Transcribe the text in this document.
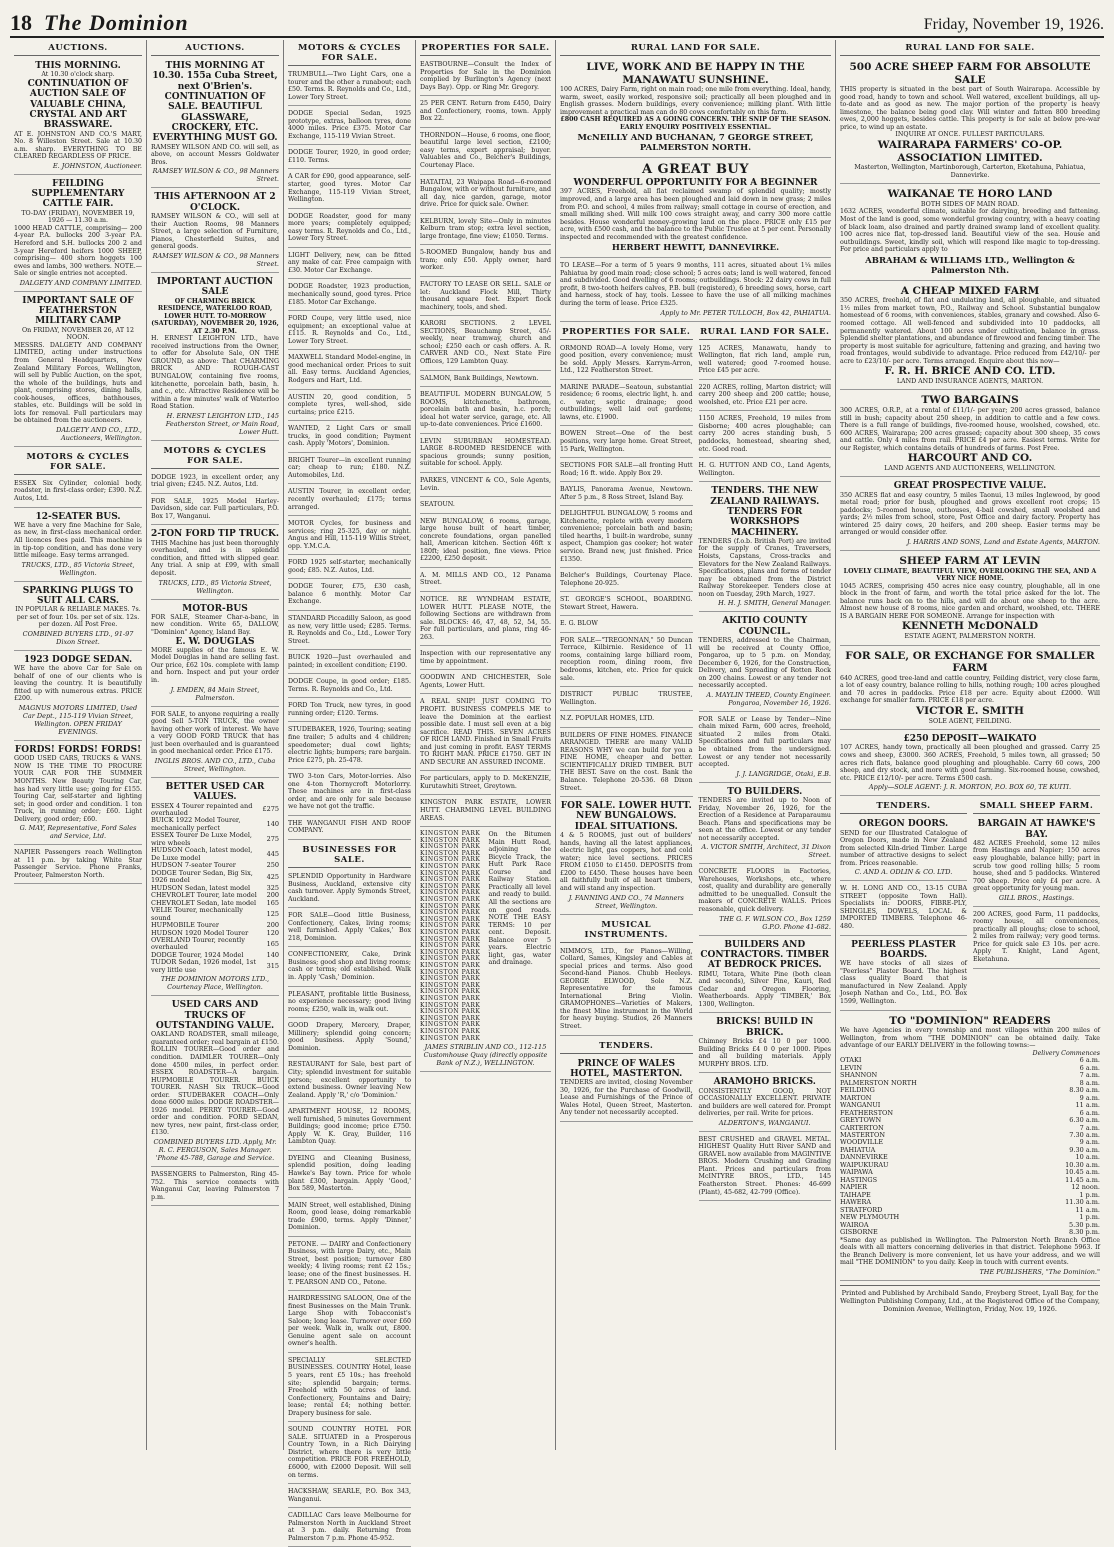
18 The Dominion	Friday, November 19, 1926.
AUCTIONS.
THIS MORNING.
At 10.30 o'clock sharp.
CONTINUATION OF AUCTION SALE OF VALUABLE CHINA, CRYSTAL AND ART BRASSWARE.
AT E. JOHNSTON AND CO.'S MART, No. 8 Willeston Street. Sale at 10.30 a.m. sharp. EVERYTHING TO BE CLEARED REGARDLESS OF PRICE.
E. JOHNSTON, Auctioneer.
FEILDING SUPPLEMENTARY CATTLE FAIR.
TO-DAY (FRIDAY), NOVEMBER 19, 1926 — 11.30 a.m.
1000 HEAD CATTLE, comprising— 200 4-year P.A. bullocks 200 3-year P.A. Hereford and S.H. bullocks 200 2 and 3-year Hereford heifers 1000 SHEEP, comprising— 400 shorn hoggets 100 ewes and lambs, 300 wethers. NOTE.—Sale or single entries not accepted.
DALGETY AND COMPANY LIMITED.
IMPORTANT SALE OF FEATHERSTON MILITARY CAMP
On FRIDAY, NOVEMBER 26, AT 12 NOON.
MESSRS. DALGETY AND COMPANY LIMITED, acting under instructions from General Headquarters, New Zealand Military Forces, Wellington, will sell by Public Auction, on the spot, the whole of the buildings, huts and plant, comprising stores, dining halls, cook-houses, offices, bathhouses, stables, etc. Buildings will be sold in lots for removal. Full particulars may be obtained from the auctioneers.
DALGETY AND CO., LTD., Auctioneers, Wellington.
MOTORS & CYCLES FOR SALE.
ESSEX Six Cylinder, colonial body, roadster, in first-class order; £390. N.Z. Autos, Ltd.
12-SEATER BUS.
WE have a very fine Machine for Sale, as new, in first-class mechanical order. All licences fees paid. This machine is in tip-top condition, and has done very little mileage. Easy terms arranged.
TRUCKS, LTD., 85 Victoria Street, Wellington.
SPARKING PLUGS TO SUIT ALL CARS.
IN POPULAR & RELIABLE MAKES. 7s. per set of four. 10s. per set of six. 12s. per dozen. All Post Free.
COMBINED BUYERS LTD., 91-97 Dixon Street.
1923 DODGE SEDAN.
WE have the above Car for Sale on behalf of one of our clients who is leaving the country. It is beautifully fitted up with numerous extras. PRICE £200.
MAGNUS MOTORS LIMITED, Used Car Dept., 115-119 Vivian Street, Wellington. OPEN FRIDAY EVENINGS.
FORDS! FORDS! FORDS!
GOOD USED CARS, TRUCKS & VANS. NOW IS THE TIME TO PROCURE YOUR CAR FOR THE SUMMER MONTHS. New Beauty Touring Car, has had very little use; going for £155. Touring Car, self-starter and lighting set; in good order and condition. 1 ton Truck, in running order; £60. Light Delivery, good order; £60.
G. MAY, Representative, Ford Sales and Service, Ltd.
NAPIER Passengers reach Wellington at 11 p.m. by taking White Star Passenger Service. Phone Franks, Prouteer, Palmerston North.
AUCTIONS.
THIS MORNING AT 10.30. 155a Cuba Street, next O'Brien's. CONTINUATION OF SALE. BEAUTIFUL GLASSWARE, CROCKERY, ETC. EVERYTHING MUST GO.
RAMSEY WILSON AND CO. will sell, as above, on account Messrs Goldwater Bros.
RAMSEY WILSON & CO., 98 Manners Street.
THIS AFTERNOON AT 2 O'CLOCK.
RAMSEY WILSON & CO., will sell at their Auction Rooms, 98 Manners Street, a large selection of Furniture, Pianos, Chesterfield Suites, and general goods.
RAMSEY WILSON & CO., 98 Manners Street.
IMPORTANT AUCTION SALE
OF CHARMING BRICK RESIDENCE, WATERLOO ROAD, LOWER HUTT. TO-MORROW (SATURDAY), NOVEMBER 20, 1926, AT 2.30 P.M.
H. ERNEST LEIGHTON LTD., have received instructions from the Owner, to offer for Absolute Sale, ON THE GROUND, as above: That CHARMING BRICK AND ROUGH-CAST BUNGALOW, containing five rooms, kitchenette, porcelain bath, basin, h. and c., etc. Attractive Residence will be within a few minutes' walk of Waterloo Road Station.
H. ERNEST LEIGHTON LTD., 145 Featherston Street, or Main Road, Lower Hutt.
MOTORS & CYCLES FOR SALE.
DODGE 1923, in excellent order, any trial given; £245. N.Z. Autos, Ltd.
FOR SALE, 1925 Model Harley-Davidson, side car. Full particulars, P.O. Box 17, Wanganui.
2-TON FORD TIP TRUCK.
THIS Machine has just been thoroughly overhauled, and is in splendid condition, and fitted with slipped gear. Any trial. A snip at £99, with small deposit.
TRUCKS, LTD., 85 Victoria Street, Wellington.
MOTOR-BUS
FOR SALE, Steamer Char-a-banc, in new condition. Write 65, DALLOW, "Dominion" Agency, Island Bay.
E. W. DOUGLAS
MORE supplies of the famous E. W. Model Douglas in hand are selling fast. Our price, £62 10s. complete with lamp and horn. Inspect and put your order in.
J. EMDEN, 84 Main Street, Palmerston.
FOR SALE, to anyone requiring a really good Sell 5-TON TRUCK, the owner having other work of interest. We have a very GOOD FORD TRUCK that has just been overhauled and is guaranteed in good mechanical order. Price £175.
INGLIS BROS. AND CO., LTD., Cuba Street, Wellington.
BETTER USED CAR VALUES.
ESSEX 4 Tourer repainted and overhauled	£275
BUICK 1922 Model Tourer, mechanically perfect	140
ESSEX Tourer De Luxe Model, wire wheels	275
HUDSON Coach, latest model, De Luxe model	445
HUDSON 7-seater Tourer	250
DODGE Tourer Sedan, Big Six, 1926 model	425
HUDSON Sedan, latest model	325
CHEVROLET Tourer, late model	200
CHEVROLET Sedan, late model	165
VELIE Tourer, mechanically sound	125
HUPMOBILE Tourer	200
HUDSON 1920 Model Tourer	120
OVERLAND Tourer, recently overhauled	165
DODGE Tourer, 1924 Model	140
TUDOR Sedan, 1926 model, 1st very little use	315
THE DOMINION MOTORS LTD., Courtenay Place, Wellington.
USED CARS AND TRUCKS OF OUTSTANDING VALUE.
OAKLAND ROADSTER, small mileage, guaranteed order; real bargain at £150. ROLLIN TOURER—Good order and condition. DAIMLER TOURER—Only done 4500 miles, in perfect order. ESSEX ROADSTER—A bargain. HUPMOBILE TOURER. BUICK TOURER. NASH Six TRUCK—Good order. STUDEBAKER COACH—Only done 6000 miles. DODGE ROADSTER—1926 model. PERRY TOURER—Good order and condition. FORD SEDAN, new tyres, new paint, first-class order, £130.
COMBINED BUYERS LTD. Apply, Mr. R. C. FERGUSON, Sales Manager. 'Phone 45-788, Garage and Service.
PASSENGERS to Palmerston, Ring 45-752. This service connects with Wanganui Car, leaving Palmerston 7 p.m.
MOTORS & CYCLES FOR SALE.
TRUMBULL—Two Light Cars, one a tourer and the other a runabout; each £50. Terms. R. Reynolds and Co., Ltd., Lower Tory Street.
DODGE Special Sedan, 1925 prototype, extras, balloon tyres, done 4000 miles. Price £375. Motor Car Exchange, 115-119 Vivian Street.
DODGE Tourer, 1920, in good order; £110. Terms.
A CAR for £90, good appearance, self-starter, good tyres. Motor Car Exchange, 115-119 Vivian Street, Wellington.
DODGE Roadster, good for many more years; completely equipped; easy terms. R. Reynolds and Co., Ltd., Lower Tory Street.
LIGHT Delivery, new, can be fitted any make of car. Free campaign with £30. Motor Car Exchange.
DODGE Roadster, 1923 production, mechanically sound, good tyres. Price £185. Motor Car Exchange.
FORD Coupe, very little used, nice equipment; an exceptional value at £115. R. Reynolds and Co., Ltd., Lower Tory Street.
MAXWELL Standard Model-engine, in good mechanical order. Prices to suit all. Easy terms. Auckland Agencies, Rodgers and Hart, Ltd.
AUSTIN 20, good condition, 5 complete tyres, well-shod, side curtains; price £215.
WANTED, 2 Light Cars or small trucks, in good condition; Payment cash. Apply 'Motors', Dominion.
BRIGHT Tourer—in excellent running car; cheap to run; £180. N.Z. Automobiles, Ltd.
AUSTIN Tourer, in excellent order, recently overhauled; £175; terms arranged.
MOTOR Cycles, for business and services; ring 25-325, day or night. Angus and Hill, 115-119 Willis Street, opp. Y.M.C.A.
FORD 1925 self-starter, mechanically good; £85. N.Z. Autos, Ltd.
DODGE Tourer, £75, £30 cash, balance 6 monthly. Motor Car Exchange.
STANDARD Piccadilly Saloon, as good as new, very little used; £285. Terms. R. Reynolds and Co., Ltd., Lower Tory Street.
BUICK 1920—Just overhauled and painted; in excellent condition; £190.
DODGE Coupe, in good order; £185. Terms. R. Reynolds and Co., Ltd.
FORD Ton Truck, new tyres, in good running order; £120. Terms.
STUDEBAKER, 1926, Touring; seating fine trailer; 5 adults and 4 children; speedometer; dual cowl lights; electric lights; bumpers; rare bargain. Price £275, ph. 25-478.
TWO 3-ton Cars, Motor-lorries. Also one 4-ton Thornycroft Motorlorry. These machines are in first-class order, and are only for sale because we have not got the traffic.
THE WANGANUI FISH AND ROOF COMPANY.
BUSINESSES FOR SALE.
SPLENDID Opportunity in Hardware Business, Auckland, extensive city cash turnover. Apply Symonds Street, Auckland.
FOR SALE—Good little Business, Confectionery, Cakes, living rooms; well furnished. Apply 'Cakes,' Box 218, Dominion.
CONFECTIONERY, Cake, Drink Business; good shop and living rooms; cash or terms; old established. Walk in. Apply 'Cash,' Dominion.
PLEASANT, profitable little Business, no experience necessary; good living rooms; £250, walk in, walk out.
GOOD Drapery, Mercery, Draper, Millinery; splendid going concern; good business. Apply 'Sound,' Dominion.
RESTAURANT for Sale, best part of City; splendid investment for suitable person; excellent opportunity to extend business. Owner leaving New Zealand. Apply 'R,' c/o 'Dominion.'
APARTMENT HOUSE, 12 ROOMS, well furnished, 5 minutes Government Buildings; good income; price £750. Apply W. K. Gray, Builder, 116 Lambton Quay.
DYEING and Cleaning Business, splendid position, doing leading Hawke's Bay town. Price for whole plant £300, bargain. Apply 'Good,' Box 589, Masterton.
MAIN Street, well established, Dining Room, good lease, doing remarkable trade £900, terms. Apply 'Dinner,' Dominion.
PETONE. — DAIRY and Confectionery Business, with large Dairy, etc., Main Street, best position; turnover £80 weekly; 4 living rooms; rent £2 15s.; lease; one of the finest businesses. H. T. PEARSON AND CO., Petone.
HAIRDRESSING SALOON, One of the finest Businesses on the Main Trunk. Large Shop with Tobacconist's Saloon; long lease. Turnover over £60 per week. Walk in, walk out, £800. Genuine agent sale on account owner's health.
SPECIALLY SELECTED BUSINESSES. COUNTRY Hotel, lease 5 years, rent £5 10s.; has freehold site; splendid bargain; terms. Freehold with 50 acres of land. Confectionery, Fountains and Dairy; lease; rental £4; nothing better. Drapery business for sale.
SOUND COUNTRY HOTEL FOR SALE. SITUATED in a Prosperous Country Town, in a Rich Dairying District, where there is very little competition. PRICE FOR FREEHOLD, £6000, with £2000 Deposit. Will sell on terms.
HACKSHAW, SEARLE, P.O. Box 343, Wanganui.
CADILLAC Cars leave Melbourne for Palmerston North in Auckland Street at 3 p.m. daily. Returning from Palmerston 7 p.m. Phone 45-952.
PROPERTIES FOR SALE.
EASTBOURNE—Consult the Index of Properties for Sale in the Dominion complied by Burlington's Agency (next Days Bay). Opp. or Ring Mr. Gregory.
25 PER CENT. Return from £450, Dairy and Confectionery, rooms, town. Apply Box 22.
THORNDON—House, 6 rooms, one floor, beautiful large level section, £2100; easy terms, expert appraisal; buyer. Valuables and Co., Belcher's Buildings, Courtenay Place.
HATAITAI, 23 Waipapa Road—6-roomed Bungalow, with or without furniture, and all day, nice garden, garage, motor drive. Price for quick sale. Owner.
KELBURN, lovely Site—Only in minutes Kelburn tram stop; extra level section, large frontage, fine view; £1050. Terms.
5-ROOMED Bungalow, handy bus and tram; only £50. Apply owner, hard worker.
FACTORY TO LEASE OR SELL. SALE or let: Auckland Flock Mill, Thirty thousand square feet. Expert flock machinery, tools, and shed.
KARORI SECTIONS. 2 LEVEL SECTIONS, Beauchamp Street, 45/- weekly, near tramway, church and school; £250 each or cash offers. A. R. CARVER AND CO., Next State Fire Offices, 129 Lambton Quay.
SALMON, Bank Buildings, Newtown.
BEAUTIFUL MODERN BUNGALOW, 5 ROOMS, kitchenette, bathroom, porcelain bath and basin, h.c. porch; ideal hot water service, garage, etc. All up-to-date conveniences. Price £1600.
LEVIN SUBURBAN HOMESTEAD. LARGE 8-ROOMED RESIDENCE with spacious grounds; sunny position, suitable for school. Apply.
PARKES, VINCENT & CO., Sole Agents, Levin.
SEATOUN.
NEW BUNGALOW, 6 rooms, garage, large house built of heart timber, concrete foundations, organ panelled hall, American kitchen. Section 46ft x 180ft; ideal position, fine views. Price £2200, £250 deposit.
A. M. MILLS AND CO., 12 Panama Street.
NOTICE. RE WYNDHAM ESTATE, LOWER HUTT. PLEASE NOTE, the following Sections are withdrawn from sale. BLOCKS: 46, 47, 48, 52, 54, 55. For full particulars, and plans, ring 46-263.
Inspection with our representative any time by appointment.
GOODWIN AND CHICHESTER, Sole Agents, Lower Hutt.
A REAL SNIP! JUST COMING TO PROFIT. BUSINESS COMPELS ME to leave the Dominion at the earliest possible date. I must sell even at a big sacrifice. READ THIS. SEVEN ACRES OF RICH LAND. Finished in Small Fruits and just coming in profit. EASY TERMS TO RIGHT MAN. PRICE £1750. GET IN AND SECURE AN ASSURED INCOME.
For particulars, apply to D. McKENZIE, Kurutawhiti Street, Greytown.
KINGSTON PARK ESTATE, LOWER HUTT. CHARMING LEVEL BUILDING AREAS.
KINGSTON PARK
KINGSTON PARK
KINGSTON PARK
KINGSTON PARK
KINGSTON PARK
KINGSTON PARK
KINGSTON PARK
KINGSTON PARK
KINGSTON PARK
KINGSTON PARK
KINGSTON PARK
KINGSTON PARK
KINGSTON PARK
KINGSTON PARK
KINGSTON PARK
KINGSTON PARK
KINGSTON PARK
KINGSTON PARK
KINGSTON PARK
KINGSTON PARK
KINGSTON PARK
KINGSTON PARK
KINGSTON PARK
KINGSTON PARK
KINGSTON PARK
KINGSTON PARK
KINGSTON PARK
KINGSTON PARK
KINGSTON PARK
KINGSTON PARK
KINGSTON PARK
KINGSTON PARK
On the Bitumen Main Hutt Road, adjoining the Bicycle Track, the Hutt Park Race Course and Railway Station. Practically all level and ready to build. All the sections are on good roads. NOTE THE EASY TERMS: 10 per cent. Deposit. Balance over 5 years. Electric light, gas, water and drainage.
JAMES STRIBLIN AND CO., 112-115 Customhouse Quay (directly opposite Bank of N.Z.), WELLINGTON.
RURAL LAND FOR SALE.
LIVE, WORK AND BE HAPPY IN THE MANAWATU SUNSHINE.
100 ACRES, Dairy Farm, right on main road; one mile from everything. Ideal, handy, warm, sweet, easily worked, responsive soil; practically all been ploughed and in English grasses. Modern buildings, every convenience; milking plant. With little improvement a practical man can do 80 cows comfortably on this farm.
£800 CASH REQUIRED AS A GOING CONCERN. THE SNIP OF THE SEASON. EARLY ENQUIRY POSITIVELY ESSENTIAL.
McNEILLY AND BUCHANAN, 7 GEORGE STREET, PALMERSTON NORTH.
A GREAT BUY
WONDERFUL OPPORTUNITY FOR A BEGINNER
397 ACRES, Freehold, all flat reclaimed swamp of splendid quality; mostly improved, and a large area has been ploughed and laid down in new grass; 2 miles from P.O. and school, 4 miles from railway; small cottage in course of erection, and small milking shed. Will milk 100 cows straight away, and carry 300 more cattle besides. House wonderful money-growing land on the place. PRICE only £15 per acre, with £500 cash, and the balance to the Public Trustee at 5 per cent. Personally inspected and recommended with the greatest confidence.
HERBERT HEWITT, DANNEVIRKE.
TO LEASE—For a term of 5 years 9 months, 111 acres, situated about 1¼ miles Pahiatua by good main road; close school; 5 acres oats; land is well watered, fenced and subdivided. Good dwelling of 6 rooms; outbuildings. Stock: 22 dairy cows in full profit, 8 two-tooth heifers calves, P.B. bull (registered), 6 breeding sows, horse, cart and harness, stock of hay, tools. Lessee to have the use of all milking machines during the term of lease. Price £325.
Apply to Mr. PETER TULLOCH, Box 42, PAHIATUA.
PROPERTIES FOR SALE.
ORMOND ROAD—A lovely Home, very good position, every convenience; must be sold. Apply Messrs. Karrym-Arron, Ltd., 122 Featherston Street.
MARINE PARADE—Seatoun, substantial residence; 6 rooms, electric light, h. and c. water, septic drainage; good outbuildings; well laid out gardens; lawns, etc. £1900.
BOWEN Street—One of the best positions, very large home. Great Street, 15 Park, Wellington.
SECTIONS FOR SALE—all fronting Hutt Road; 16 ft. wide. Apply Box 29.
BAYLIS, Panorama Avenue, Newtown. After 5 p.m., 8 Ross Street, Island Bay.
DELIGHTFUL BUNGALOW, 5 rooms and Kitchenette, replete with every modern convenience; porcelain bath and basin; tiled hearths, 1 built-in wardrobe, sunny aspect, Champion gas cooker; hot water service. Brand new, just finished. Price £1350.
Belcher's Buildings, Courtenay Place. Telephone 20-925.
ST. GEORGE'S SCHOOL, BOARDING. Stewart Street, Hawera.
E. G. BLOW
FOR SALE—"TREGONNAN," 50 Duncan Terrace, Kilbirnie. Residence of 11 rooms, containing large billiard room, reception room, dining room, five bedrooms, kitchen, etc. Price for quick sale.
DISTRICT PUBLIC TRUSTEE, Wellington.
N.Z. POPULAR HOMES, LTD.
BUILDERS OF FINE HOMES. FINANCE ARRANGED. THERE are many VALID REASONS WHY we can build for you a FINE HOME, cheaper and better. SCIENTIFICALLY DRIED TIMBER. BUT THE BEST. Save on the cost. Bank the Balance. Telephone 20-536. 68 Dixon Street.
FOR SALE. LOWER HUTT. NEW BUNGALOWS. IDEAL SITUATIONS.
4 & 5 ROOMS, just out of builders' hands, having all the latest appliances, electric light, gas coppers, hot and cold water; nice level sections. PRICES FROM £1050 to £1450. DEPOSITS from £200 to £450. These houses have been all faithfully built of all heart timbers, and will stand any inspection.
J. FANNING AND CO., 74 Manners Street, Wellington.
MUSICAL INSTRUMENTS.
NIMMO'S, LTD., for Pianos—Willing, Collard, Sames, Kingsley and Cables at special prices and terms. Also good Second-hand Pianos. Chubb Heeleys. GEORGE ELWOOD, Sole N.Z. Representative for the famous International Bring Violin. GRAMOPHONES—Varieties of Makers, the finest Mine instrument in the World for heavy buying. Studios, 26 Manners Street.
TENDERS.
PRINCE OF WALES HOTEL, MASTERTON.
TENDERS are invited, closing November 30, 1926, for the Purchase of Goodwill, Lease and Furnishings of the Prince of Wales Hotel, Queen Street, Masterton. Any tender not necessarily accepted.
RURAL LAND FOR SALE.
125 ACRES, Manawatu, handy to Wellington, flat rich land, ample run, well watered; good 7-roomed house. Price £45 per acre.
220 ACRES, rolling, Marton district; will carry 200 sheep and 200 cattle; house, woolshed, etc. Price £21 per acre.
1150 ACRES, Freehold, 19 miles from Gisborne; 400 acres ploughable; can carry 200 acres standing bush, 5 paddocks, homestead, shearing shed, etc. Good road.
H. G. HUTTON AND CO., Land Agents, Wellington.
TENDERS. THE NEW ZEALAND RAILWAYS. TENDERS FOR WORKSHOPS MACHINERY.
TENDERS (f.o.b. British Port) are invited for the supply of Cranes, Traversers, Hoists, Capstans, Cross-tracks and Elevators for the New Zealand Railways. Specifications, plans and forms of tender may be obtained from the District Railway Storekeeper. Tenders close at noon on Tuesday, 29th March, 1927.
H. H. J. SMITH, General Manager.
AKITIO COUNTY COUNCIL.
TENDERS, addressed to the Chairman, will be received at County Office, Pongaroa, up to 5 p.m. on Monday, December 6, 1926, for the Construction, Delivery, and Spreading of Rotten Rock on 200 chains. Lowest or any tender not necessarily accepted.
A. MAYLIN THEED, County Engineer. Pongaroa, November 16, 1926.
FOR SALE or Lease by Tender—Nine chain mixed Farm, 600 acres, freehold, situated 2 miles from Otaki. Specifications and full particulars may be obtained from the undersigned. Lowest or any tender not necessarily accepted.
J. J. LANGRIDGE, Otaki, E.B.
TO BUILDERS.
TENDERS are invited up to Noon of Friday, November 26, 1926, for the Erection of a Residence at Paraparaumu Beach. Plans and specifications may be seen at the office. Lowest or any tender not necessarily accepted.
A. VICTOR SMITH, Architect, 31 Dixon Street.
CONCRETE FLOORS in Factories, Warehouses, Workshops, etc., where cost, quality and durability are generally admitted to be unequalled. Consult the makers of CONCRETE WALLS. Prices reasonable, quick delivery.
THE G. F. WILSON CO., Box 1259 G.P.O. Phone 41-682.
BUILDERS AND CONTRACTORS. TIMBER AT BEDROCK PRICES.
RIMU, Totara, White Pine (both clean and seconds), Silver Pine, Kauri, Red Cedar and Oregon Flooring, Weatherboards. Apply 'TIMBER,' Box 1300, Wellington.
BRICKS! BUILD IN BRICK.
Chimney Bricks £4 10 0 per 1000. Building Bricks £4 0 0 per 1000. Pipes and all building materials. Apply MURPHY BROS. LTD.
ARAMOHO BRICKS.
CONSISTENTLY GOOD, NOT OCCASIONALLY EXCELLENT. PRIVATE and builders are well catered for. Prompt deliveries, per rail. Write for prices.
ALDERTON'S, WANGANUI.
BEST CRUSHED and GRAVEL METAL. HIGHEST Quality Hutt River SAND and GRAVEL now available from MAGINTIVE BROS. Modern Crushing and Grading Plant. Prices and particulars from McINTYRE BROS., LTD., 145 Featherston Street. Phones: 46-699 (Plant), 45-682, 42-799 (Office).
RURAL LAND FOR SALE.
500 ACRE SHEEP FARM FOR ABSOLUTE SALE
THIS property is situated in the best part of South Wairarapa. Accessible by good road, handy to town and school. Well watered, excellent buildings, all up-to-date and as good as new. The major portion of the property is heavy limestone, the balance being good clay. Will winter and fatten 800 breeding ewes, 2,000 hoggets, besides cattle. This property is for sale at below pre-war price, to wind up an estate.
INQUIRE AT ONCE. FULLEST PARTICULARS.
WAIRARAPA FARMERS' CO-OP. ASSOCIATION LIMITED.
Masterton, Wellington, Martinborough, Carterton, Eketahuna, Pahiatua, Dannevirke.
WAIKANAE TE HORO LAND
BOTH SIDES OF MAIN ROAD.
1632 ACRES, wonderful climate, suitable for dairying, breeding and fattening. Most of the land is good, some wonderful growing country, with a heavy coating of black loam, also drained and partly drained swamp land of excellent quality. 100 acres nice flat, top-dressed land. Beautiful view of the sea. House and outbuildings. Sweet, kindly soil, which will respond like magic to top-dressing. For price and particulars apply to
ABRAHAM & WILLIAMS LTD., Wellington & Palmerston Nth.
A CHEAP MIXED FARM
350 ACRES, freehold, of flat and undulating land, all ploughable, and situated 1½ miles from market town, P.O., Railway and School. Substantial bungalow homestead of 6 rooms, with conveniences, stables, granary and cowshed. Also 6-roomed cottage. All well-fenced and subdivided into 10 paddocks, all permanently watered. About 100 acres under cultivation, balance in grass. Splendid shelter plantations, and abundance of firewood and fencing timber. The property is most suitable for agriculture, fattening and grazing, and having two road frontages, would subdivide to advantage. Price reduced from £42/10/- per acre to £23/10/- per acre. Terms arranged. Enquire about this now—
F. R. H. BRICE AND CO. LTD.
LAND AND INSURANCE AGENTS, MARTON.
TWO BARGAINS
300 ACRES, O.R.P., at a rental of £11/1/- per year; 200 acres grassed, balance still in bush; capacity about 250 sheep, in addition to cattle and a few cows. There is a full range of buildings, five-roomed house, woolshed, cowshed, etc. 600 ACRES, Wairarapa; 200 acres grassed; capacity about 300 sheep, 35 cows and cattle. Only 4 miles from rail. PRICE £4 per acre. Easiest terms. Write for our Register, which contains details of hundreds of farms. Post Free.
HARCOURT AND CO.
LAND AGENTS AND AUCTIONEERS, WELLINGTON.
GREAT PROSPECTIVE VALUE.
350 ACRES flat and easy country, 5 miles Taonui, 13 miles Inglewood, by good metal road; prior for bush, ploughed and grows excellent root crops; 15 paddocks; 5-roomed house, outhouses, 4-bail cowshed, small woolshed and yards; 2½ miles from school, store, Post Office and dairy factory. Property has wintered 25 dairy cows, 20 heifers, and 200 sheep. Easier terms may be arranged or would consider offer.
J. HARRIS AND SONS, Land and Estate Agents, MARTON.
SHEEP FARM AT LEVIN
LOVELY CLIMATE, BEAUTIFUL VIEW, OVERLOOKING THE SEA, AND A VERY NICE HOME.
1045 ACRES, comprising 450 acres nice easy country, ploughable, all in one block in the front of farm, and worth the total price asked for the lot. The balance runs back on to the hills, and will do about one sheep to the acre. Almost new house of 8 rooms, nice garden and orchard, woolshed, etc. THERE IS A BARGAIN HERE FOR SOMEONE. Arrange for inspection with
KENNETH McDONALD
ESTATE AGENT, PALMERSTON NORTH.
FOR SALE, OR EXCHANGE FOR SMALLER FARM
640 ACRES, good tree-land and cattle country, Feilding district, very close farm, a lot of easy country, balance rolling to hills, nothing rough; 100 acres ploughed and 70 acres in paddocks. Price £18 per acre. Equity about £2000. Will exchange for smaller farm. PRICE £18 per acre.
VICTOR E. SMITH
SOLE AGENT, FEILDING.
£250 DEPOSIT—WAIKATO
107 ACRES, handy town, practically all been ploughed and grassed. Carry 25 cows and sheep, £3000. 360 ACRES, Freehold, 5 miles town, all grassed; 50 acres rich flats, balance good ploughing and ploughable. Carry 60 cows, 200 sheep, and dry stock, and more with good farming. Six-roomed house, cowshed, etc. PRICE £12/10/- per acre. Terms £500 cash.
Apply—SOLE AGENT: J. R. MORTON, P.O. BOX 60, TE KUITI.
TENDERS.
OREGON DOORS.
SEND for our Illustrated Catalogue of Oregon Doors, made in New Zealand from selected Kiln-dried Timber. Large number of attractive designs to select from. Prices reasonable.
C. AND A. ODLIN & CO. LTD.
W. H. LONG AND CO., 13-15 CUBA STREET (opposite Town Hall). Specialists in: DOORS, FIBRE-PLY, SHINGLES, DOWELS, LOCAL & IMPORTED TIMBERS. Telephone 46-480.
PEERLESS PLASTER BOARDS.
WE have stocks of all sizes of "Peerless" Plaster Board. The highest class quality Board that is manufactured in New Zealand. Apply Joseph Nathan and Co., Ltd., P.O. Box 1599, Wellington.
SMALL SHEEP FARM.
BARGAIN AT HAWKE'S BAY.
482 ACRES Freehold, some 12 miles from Hastings and Napier; 150 acres easy ploughable, balance hilly; part in scrub tow good rolling hills; 5 room house, shed and 5 paddocks. Wintered 700 sheep. Price only £4 per acre. A great opportunity for young man.
GILL BROS., Hastings.
200 ACRES, good Farm, 11 paddocks, roomy house, all conveniences, practically all ploughs; close to school, 2 miles from railway; very good terms. Price for quick sale £3 10s. per acre. Apply T. Knight, Land Agent, Eketahuna.
TO "DOMINION" READERS
We have Agencies in every township and most villages within 200 miles of Wellington, from whom "THE DOMINION" can be obtained daily. Take advantage of our EARLY DELIVERY in the following towns:—
Delivery Commences
OTAKI	6 a.m.
LEVIN	6 a.m.
SHANNON	7 a.m.
PALMERSTON NORTH	8 a.m.
FEILDING	8.30 a.m.
MARTON	9 a.m.
WANGANUI	11 a.m.
FEATHERSTON	6 a.m.
GREYTOWN	6.30 a.m.
CARTERTON	7 a.m.
MASTERTON	7.30 a.m.
WOODVILLE	9 a.m.
PAHIATUA	9.30 a.m.
DANNEVIRKE	10 a.m.
WAIPUKURAU	10.30 a.m.
WAIPAWA	10.45 a.m.
HASTINGS	11.45 a.m.
NAPIER	12 noon.
TAIHAPE	1 p.m.
HAWERA	11.30 a.m.
STRATFORD	11 a.m.
NEW PLYMOUTH	1 p.m.
WAIROA	5.30 p.m.
GISBORNE	8.30 p.m.
*Same day as published in Wellington. The Palmerston North Branch Office deals with all matters concerning deliveries in that district. Telephone 5963. If the Branch Delivery is more convenient, let us have your address, and we will mail "THE DOMINION" to you daily. Keep in touch with current events.
THE PUBLISHERS, "The Dominion."
Printed and Published by Archibald Sando, Freyberg Street, Lyall Bay, for the Wellington Publishing Company, Ltd., at the Registered Office of the Company, Dominion Avenue, Wellington, Friday, Nov. 19, 1926.
